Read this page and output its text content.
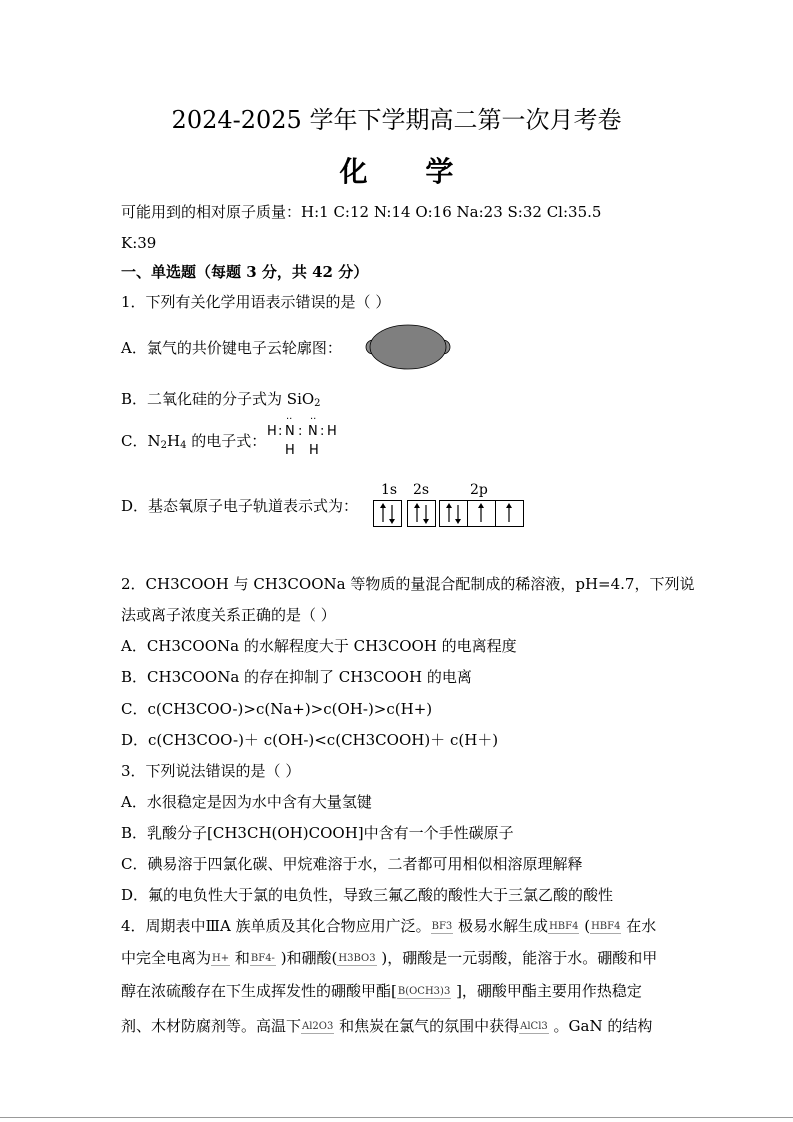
2024-2025 学年下学期高二第一次月考卷
化 学
可能用到的相对原子质量：H:1 C:12 N:14 O:16 Na:23 S:32 Cl:35.5
K:39
一、单选题（每题 3 分，共 42 分）
1．下列有关化学用语表示错误的是（ ）
A．氯气的共价键电子云轮廓图：
B．二氧化硅的分子式为 SiO$_2$
C．$N_2H_4$ 的电子式：
H :
··
N :
··
N : H
H H
D．基态氧原子电子轨道表示式为：
1s 2s	2p
2．CH3COOH 与 CH3COONa 等物质的量混合配制成的稀溶液，pH=4.7，下列说
法或离子浓度关系正确的是（ ）
A．CH3COONa 的水解程度大于 CH3COOH 的电离程度
B．CH3COONa 的存在抑制了 CH3COOH 的电离
C．c(CH3COO-)>c(Na+)>c(OH-)>c(H+)
D．c(CH3COO-)＋ c(OH-)<c(CH3COOH)＋ c(H＋)
3．下列说法错误的是（ ）
A．水很稳定是因为水中含有大量氢键
B．乳酸分子[CH3CH(OH)COOH]中含有一个手性碳原子
C．碘易溶于四氯化碳、甲烷难溶于水，二者都可用相似相溶原理解释
D．氟的电负性大于氯的电负性，导致三氟乙酸的酸性大于三氯乙酸的酸性
4．周期表中ⅢA 族单质及其化合物应用广泛。BF3 极易水解生成HBF4 (HBF4 在水
中完全电离为H+ 和BF4- )和硼酸(H3BO3 )，硼酸是一元弱酸，能溶于水。硼酸和甲
醇在浓硫酸存在下生成挥发性的硼酸甲酯[B(OCH3)3 ]，硼酸甲酯主要用作热稳定
剂、木材防腐剂等。高温下Al2O3 和焦炭在氯气的氛围中获得AlCl3 。GaN 的结构
